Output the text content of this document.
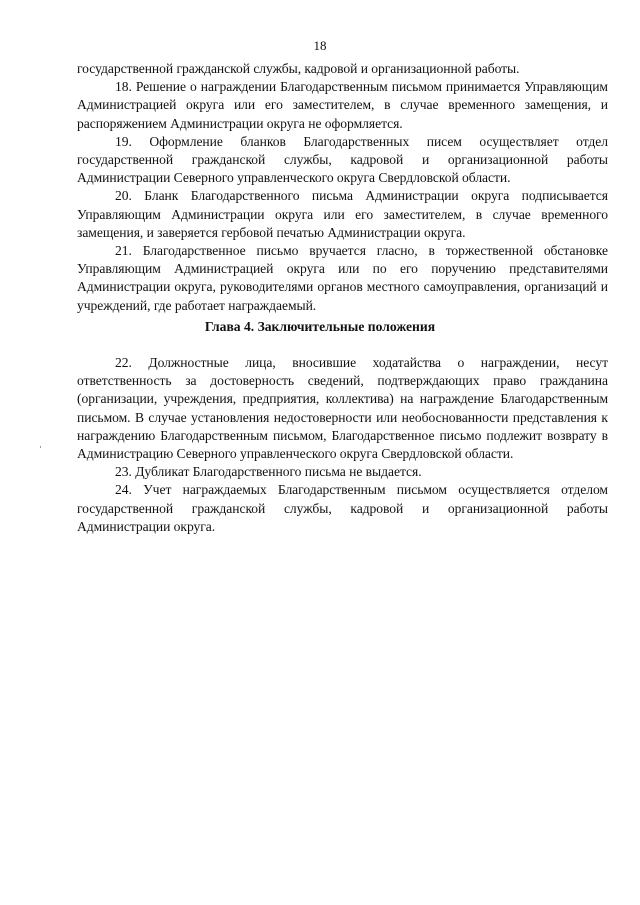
18

государственной гражданской службы, кадровой и организационной работы.

18. Решение о награждении Благодарственным письмом принимается Управляющим Администрацией округа или его заместителем, в случае временного замещения, и распоряжением Администрации округа не оформляется.

19. Оформление бланков Благодарственных писем осуществляет отдел государственной гражданской службы, кадровой и организационной работы Администрации Северного управленческого округа Свердловской области.

20. Бланк Благодарственного письма Администрации округа подписывается Управляющим Администрации округа или его заместителем, в случае временного замещения, и заверяется гербовой печатью Администрации округа.

21. Благодарственное письмо вручается гласно, в торжественной обстановке Управляющим Администрацией округа или по его поручению представителями Администрации округа, руководителями органов местного самоуправления, организаций и учреждений, где работает награждаемый.

Глава 4. Заключительные положения

22. Должностные лица, вносившие ходатайства о награждении, несут ответственность за достоверность сведений, подтверждающих право гражданина (организации, учреждения, предприятия, коллектива) на награждение Благодарственным письмом. В случае установления недостоверности или необоснованности представления к награждению Благодарственным письмом, Благодарственное письмо подлежит возврату в Администрацию Северного управленческого округа Свердловской области.

23. Дубликат Благодарственного письма не выдается.

24. Учет награждаемых Благодарственным письмом осуществляется отделом государственной гражданской службы, кадровой и организационной работы Администрации округа.
